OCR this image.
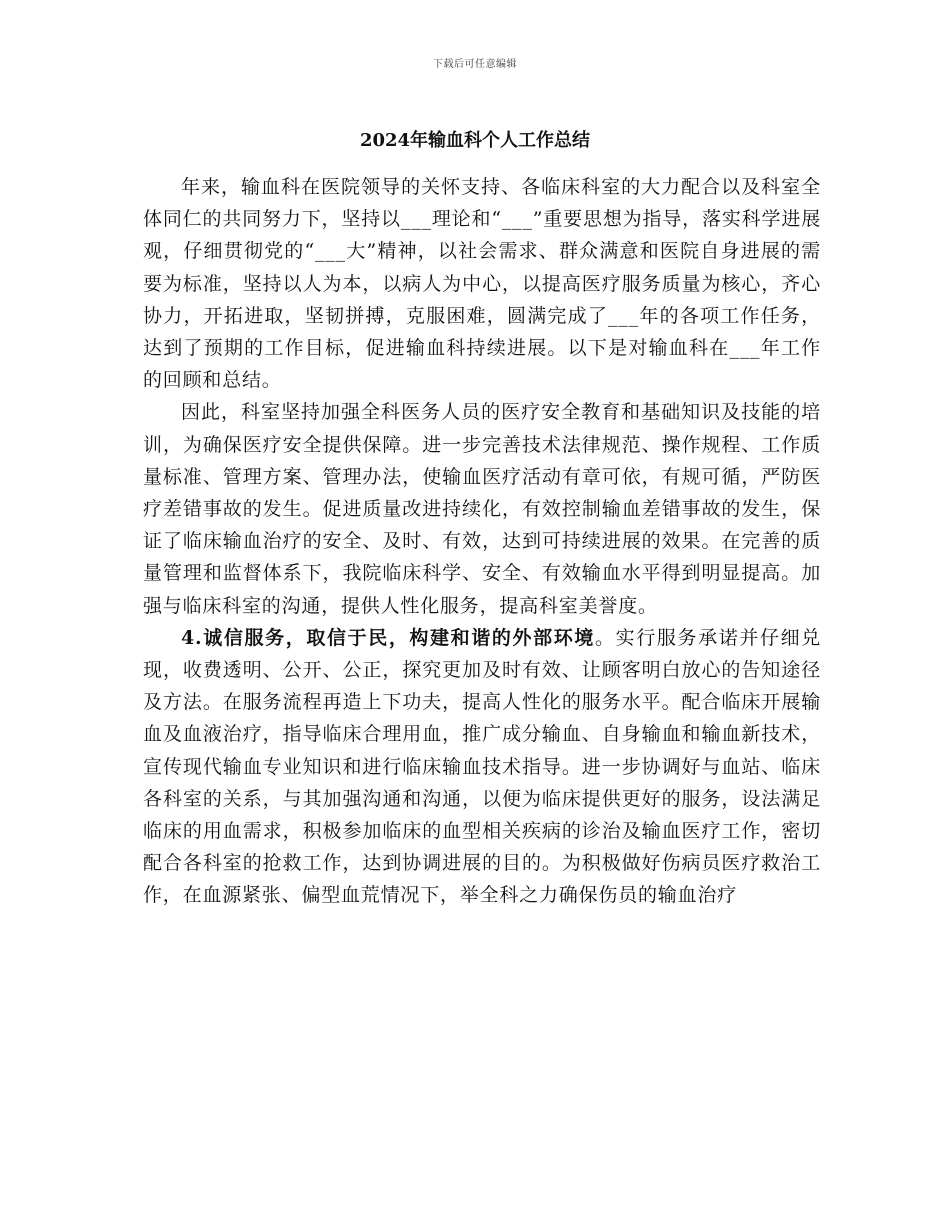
下载后可任意编辑
2024年输血科个人工作总结

年来，输血科在医院领导的关怀支持、各临床科室的大力配合以及科室全体同仁的共同努力下，坚持以___理论和“___”重要思想为指导，落实科学进展观，仔细贯彻党的“___大”精神，以社会需求、群众满意和医院自身进展的需要为标准，坚持以人为本，以病人为中心，以提高医疗服务质量为核心，齐心协力，开拓进取，坚韧拼搏，克服困难，圆满完成了___年的各项工作任务，达到了预期的工作目标，促进输血科持续进展。以下是对输血科在___年工作的回顾和总结。

因此，科室坚持加强全科医务人员的医疗安全教育和基础知识及技能的培训，为确保医疗安全提供保障。进一步完善技术法律规范、操作规程、工作质量标准、管理方案、管理办法，使输血医疗活动有章可依，有规可循，严防医疗差错事故的发生。促进质量改进持续化，有效控制输血差错事故的发生，保证了临床输血治疗的安全、及时、有效，达到可持续进展的效果。在完善的质量管理和监督体系下，我院临床科学、安全、有效输血水平得到明显提高。加强与临床科室的沟通，提供人性化服务，提高科室美誉度。

4.诚信服务，取信于民，构建和谐的外部环境。实行服务承诺并仔细兑现，收费透明、公开、公正，探究更加及时有效、让顾客明白放心的告知途径及方法。在服务流程再造上下功夫，提高人性化的服务水平。配合临床开展输血及血液治疗，指导临床合理用血，推广成分输血、自身输血和输血新技术，宣传现代输血专业知识和进行临床输血技术指导。进一步协调好与血站、临床各科室的关系，与其加强沟通和沟通，以便为临床提供更好的服务，设法满足临床的用血需求，积极参加临床的血型相关疾病的诊治及输血医疗工作，密切配合各科室的抢救工作，达到协调进展的目的。为积极做好伤病员医疗救治工作，在血源紧张、偏型血荒情况下，举全科之力确保伤员的输血治疗
